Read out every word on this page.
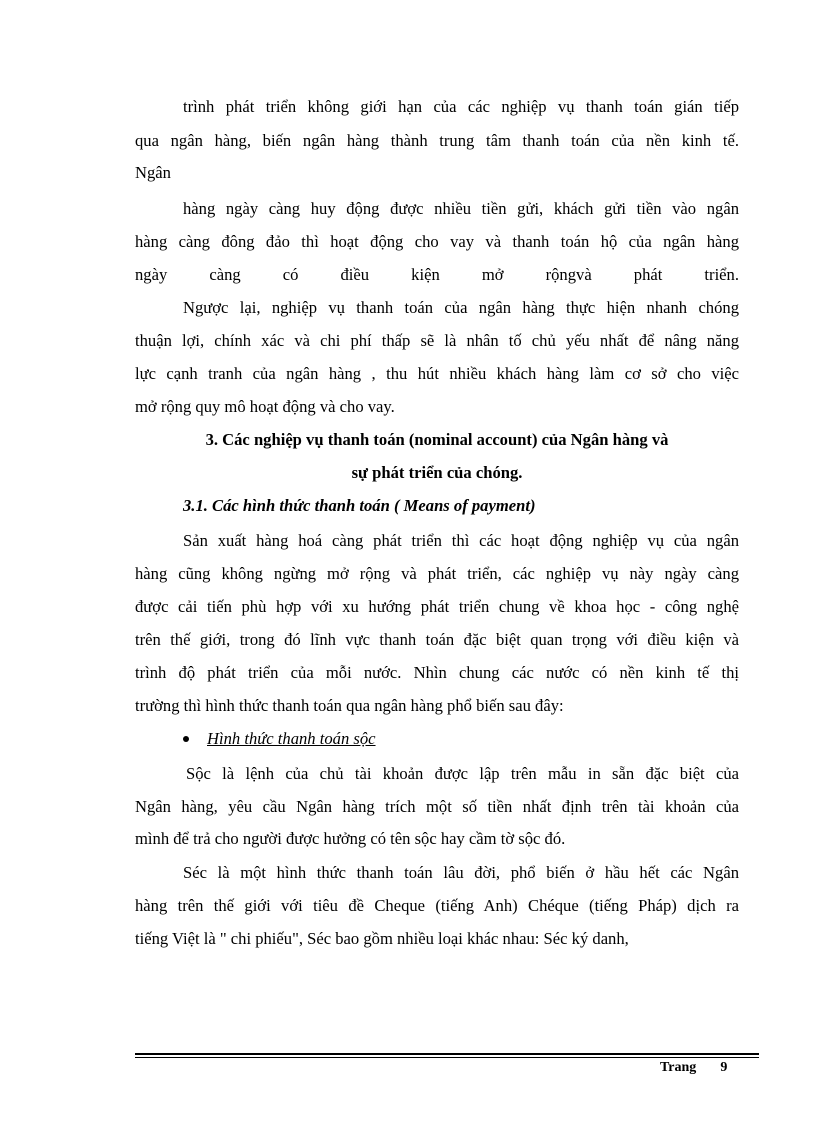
trình phát triển không giới hạn của các nghiệp vụ thanh toán gián tiếp
qua ngân hàng, biến ngân hàng thành trung tâm thanh toán của nền kinh tế.
Ngân
hàng ngày càng huy động được nhiều tiền gửi, khách gửi tiền vào ngân
hàng càng đông đảo thì hoạt động cho vay và thanh toán hộ của ngân hàng
ngày càng có điều kiện mở rộngvà phát triển.
Ngược lại, nghiệp vụ thanh toán của ngân hàng thực hiện nhanh chóng
thuận lợi, chính xác và chi phí thấp sẽ là nhân tố chủ yếu nhất để nâng năng
lực cạnh tranh của ngân hàng , thu hút nhiều khách hàng làm cơ sở cho việc
mở rộng quy mô hoạt động và cho vay.
3. Các nghiệp vụ thanh toán (nominal account) của Ngân hàng và
sự phát triển của chóng.
3.1. Các hình thức thanh toán ( Means of payment)
Sản xuất hàng hoá càng phát triển thì các hoạt động nghiệp vụ của ngân
hàng cũng không ngừng mở rộng và phát triển, các nghiệp vụ này ngày càng
được cải tiến phù hợp với xu hướng phát triển chung về khoa học - công nghệ
trên thế giới, trong đó lĩnh vực thanh toán đặc biệt quan trọng với điều kiện và
trình độ phát triển của mỗi nước. Nhìn chung các nước có nền kinh tế thị
trường thì hình thức thanh toán qua ngân hàng phổ biến sau đây:
Hình thức thanh toán sộc
Sộc là lệnh của chủ tài khoản được lập trên mẫu in sẵn đặc biệt của
Ngân hàng, yêu cầu Ngân hàng trích một số tiền nhất định trên tài khoản của
mình để trả cho người được hưởng có tên sộc hay cầm tờ sộc đó.
Séc là một hình thức thanh toán lâu đời, phổ biến ở hầu hết các Ngân
hàng trên thế giới với tiêu đề Cheque (tiếng Anh) Chéque (tiếng Pháp) dịch ra
tiếng Việt là " chi phiếu", Séc bao gồm nhiều loại khác nhau: Séc ký danh,
Trang 9
